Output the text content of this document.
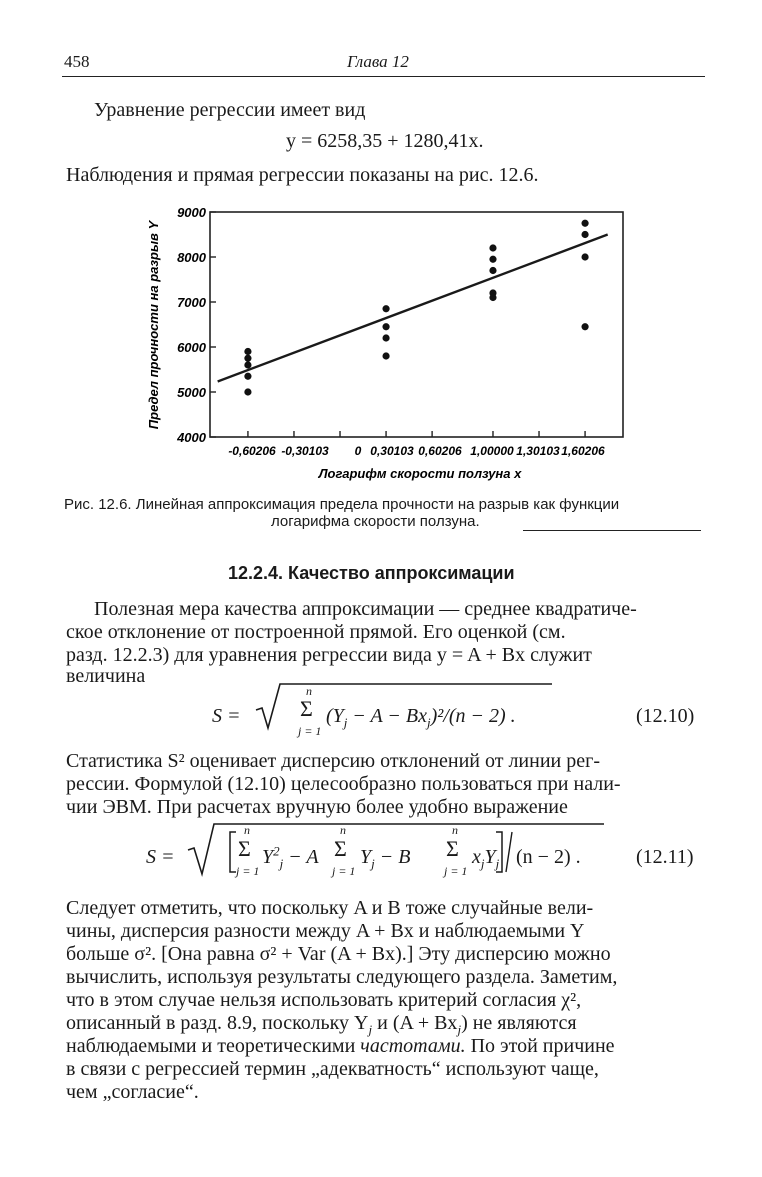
458	Глава 12
Уравнение регрессии имеет вид
y = 6258,35 + 1280,41x.
Наблюдения и прямая регрессии показаны на рис. 12.6.
4000
5000
6000
7000
8000
9000
-0,60206 -0,30103 0 0,30103 0,60206 1,00000 1,30103 1,60206
Предел прочности на разрыв Y
Логарифм скорости ползуна x
Рис. 12.6. Линейная аппроксимация предела прочности на разрыв как функции
логарифма скорости ползуна.
12.2.4. Качество аппроксимации
Полезная мера качества аппроксимации — среднее квадратиче-
ское отклонение от построенной прямой. Его оценкой (см.
разд. 12.2.3) для уравнения регрессии вида y = A + Bx служит
величина
S =	Σ
n
j = 1
$(Y_j - A - Bx_j)^2/(n - 2)$ .	(12.10)
Статистика S² оценивает дисперсию отклонений от линии рег-
рессии. Формулой (12.10) целесообразно пользоваться при нали-
чии ЭВМ. При расчетах вручную более удобно выражение
S =	Σ
n
j = 1
$Y^2_j - A$ Σ
n
j = 1
$Y_j - B$ Σ
n
j = 1
$x_jY_j$ (n − 2) .	(12.11)
Следует отметить, что поскольку A и B тоже случайные вели-
чины, дисперсия разности между A + Bx и наблюдаемыми Y
больше σ². [Она равна σ² + Var (A + Bx).] Эту дисперсию можно
вычислить, используя результаты следующего раздела. Заметим,
что в этом случае нельзя использовать критерий согласия χ²,
описанный в разд. 8.9, поскольку $Y_j$ и $(A + Bx_j)$ не являются
наблюдаемыми и теоретическими частотами. По этой причине
в связи с регрессией термин „адекватность“ используют чаще,
чем „согласие“.
